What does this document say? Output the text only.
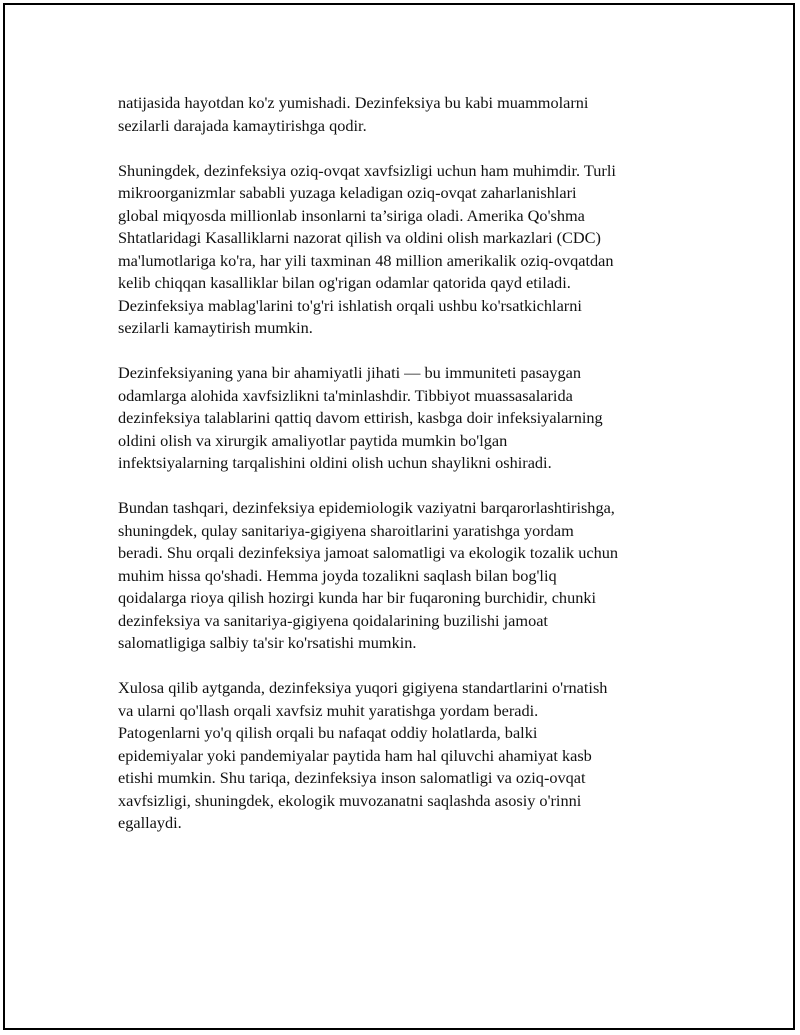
natijasida hayotdan ko'z yumishadi. Dezinfeksiya bu kabi muammolarni
sezilarli darajada kamaytirishga qodir.

Shuningdek, dezinfeksiya oziq-ovqat xavfsizligi uchun ham muhimdir. Turli
mikroorganizmlar sababli yuzaga keladigan oziq-ovqat zaharlanishlari
global miqyosda millionlab insonlarni ta’siriga oladi. Amerika Qo'shma
Shtatlaridagi Kasalliklarni nazorat qilish va oldini olish markazlari (CDC)
ma'lumotlariga ko'ra, har yili taxminan 48 million amerikalik oziq-ovqatdan
kelib chiqqan kasalliklar bilan og'rigan odamlar qatorida qayd etiladi.
Dezinfeksiya mablag'larini to'g'ri ishlatish orqali ushbu ko'rsatkichlarni
sezilarli kamaytirish mumkin.

Dezinfeksiyaning yana bir ahamiyatli jihati — bu immuniteti pasaygan
odamlarga alohida xavfsizlikni ta'minlashdir. Tibbiyot muassasalarida
dezinfeksiya talablarini qattiq davom ettirish, kasbga doir infeksiyalarning
oldini olish va xirurgik amaliyotlar paytida mumkin bo'lgan
infektsiyalarning tarqalishini oldini olish uchun shaylikni oshiradi.

Bundan tashqari, dezinfeksiya epidemiologik vaziyatni barqarorlashtirishga,
shuningdek, qulay sanitariya-gigiyena sharoitlarini yaratishga yordam
beradi. Shu orqali dezinfeksiya jamoat salomatligi va ekologik tozalik uchun
muhim hissa qo'shadi. Hemma joyda tozalikni saqlash bilan bog'liq
qoidalarga rioya qilish hozirgi kunda har bir fuqaroning burchidir, chunki
dezinfeksiya va sanitariya-gigiyena qoidalarining buzilishi jamoat
salomatligiga salbiy ta'sir ko'rsatishi mumkin.

Xulosa qilib aytganda, dezinfeksiya yuqori gigiyena standartlarini o'rnatish
va ularni qo'llash orqali xavfsiz muhit yaratishga yordam beradi.
Patogenlarni yo'q qilish orqali bu nafaqat oddiy holatlarda, balki
epidemiyalar yoki pandemiyalar paytida ham hal qiluvchi ahamiyat kasb
etishi mumkin. Shu tariqa, dezinfeksiya inson salomatligi va oziq-ovqat
xavfsizligi, shuningdek, ekologik muvozanatni saqlashda asosiy o'rinni
egallaydi.
